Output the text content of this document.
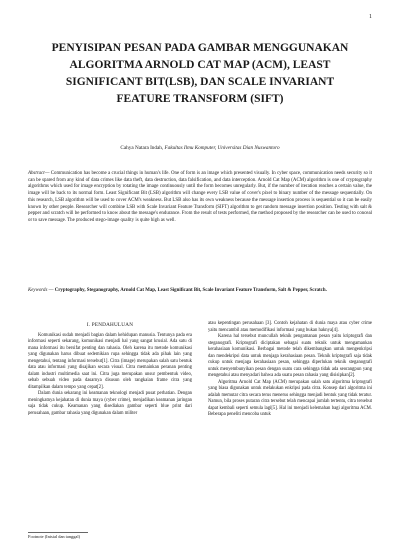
1
PENYISIPAN PESAN PADA GAMBAR MENGGUNAKAN ALGORITMA ARNOLD CAT MAP (ACM), LEAST SIGNIFICANT BIT(LSB), DAN SCALE INVARIANT FEATURE TRANSFORM (SIFT)
Cahya Natara Indah, Fakultas Ilmu Komputer, Universitas Dian Nuswantoro

Abstract— Communication has become a crucial things in human's life. One of form is an image which presented visually. In cyber space, communication needs security so it can be spared from any kind of data crimes like data theft, data destruction, data falsification, and data interception. Arnold Cat Map (ACM) algorithm is one of cryptography algorithms which used for image encryption by rotating the image continuously until the form becomes unregularly. But, if the number of iteration reaches a certain value, the image will be back to its normal form. Least Significant Bit (LSB) algorithm will change every LSB value of cover's pixel to binary number of the message sequentially. On this research, LSB algorithm will be used to cover ACM's weakness. But LSB also has its own weakness because the message insertion process is sequential so it can be easily known by other people. Researcher will combine LSB with Scale Invariant Feature Transform (SIFT) algorithm to get random message insertion position. Testing with salt & pepper and scratch will be performed to know about the message's endurance. From the result of tests performed, the method proposed by the researcher can be used to conceal or to save message. The produced stego-image quality is quite high as well.

Keywords — Cryptography, Steganography, Arnold Cat Map, Least Significant Bit, Scale Invariant Feature Transform, Salt & Pepper, Scratch.

I. PENDAHULUAN

Komunikasi sudah menjadi bagian dalam kehidupan manusia. Tentunya pada era informasi seperti sekarang, komunikasi menjadi hal yang sangat krusial. Ada satu di mana informasi itu bersifat penting dan rahasia. Oleh karena itu metode komunikasi yang digunakan harus dibuat sedemikian rupa sehingga tidak ada pihak lain yang mengetahui, tentang informasi tersebut[1]. Citra (image) merupakan salah satu bentuk data atau informasi yang disajikan secara visual. Citra memainkan peranan penting dalam industri multimedia saat ini. Citra juga merupakan unsur pembentuk video, sebab sebuah video pada dasarnya disusun oleh rangkaian frame citra yang ditampilkan dalam tempo yang cepat[2].

Dalam dunia sekarang ini keamanan teknologi menjadi pusat perhatian. Dengan meningkatnya kejahatan di dunia maya (cyber crime), menjadikan keamanan jaringan saja tidak cukup. Keamanan yang disediakan gambar seperti blue print dari perusahaan, gambar rahasia yang digunakan dalam militer

atau kepentingan perusahaan [3]. Contoh kejahatan di dunia maya atau cyber crime yaitu mencambil atau memodifikasi informasi yang bukan haknya[4].

Karena hal tersebut muncullah teknik pengamanan pesan yaitu kriptografi dan steganografi. Kriptografi diciptakan sebagai suatu teknik untuk mengamankan kerahasiaan komunikasi. Berbagai metode telah dikembangkan untuk mengenkripsi dan mendekripsi data untuk menjaga kerahasiaan pesan. Teknik kriptografi saja tidak cukup untuk menjaga kerahasiaan pesan, sehingga diperlukan teknik steganografi untuk menyembunyikan pesan dengan suatu cara sehingga tidak ada seorangpun yang mengetahui atau menyadari bahwa ada suatu pesan rahasia yang disisipkan[2].

Algoritma Arnold Cat Map (ACM) merupakan salah satu algoritma kriptografi yang biasa digunakan untuk melakukan enkripsi pada citra. Konsep dari algoritma ini adalah memutar citra secara terus menerus sehingga menjadi bentuk yang tidak teratur. Namun, bila proses putaran citra tersebut telah mencapai jumlah tertentu, citra tersebut dapat kembali seperti semula lagi[5]. Hal ini menjadi kelemahan bagi algoritma ACM. Beberapa peneliti mencoba untuk

Footnote (Inisial dan tanggal)
